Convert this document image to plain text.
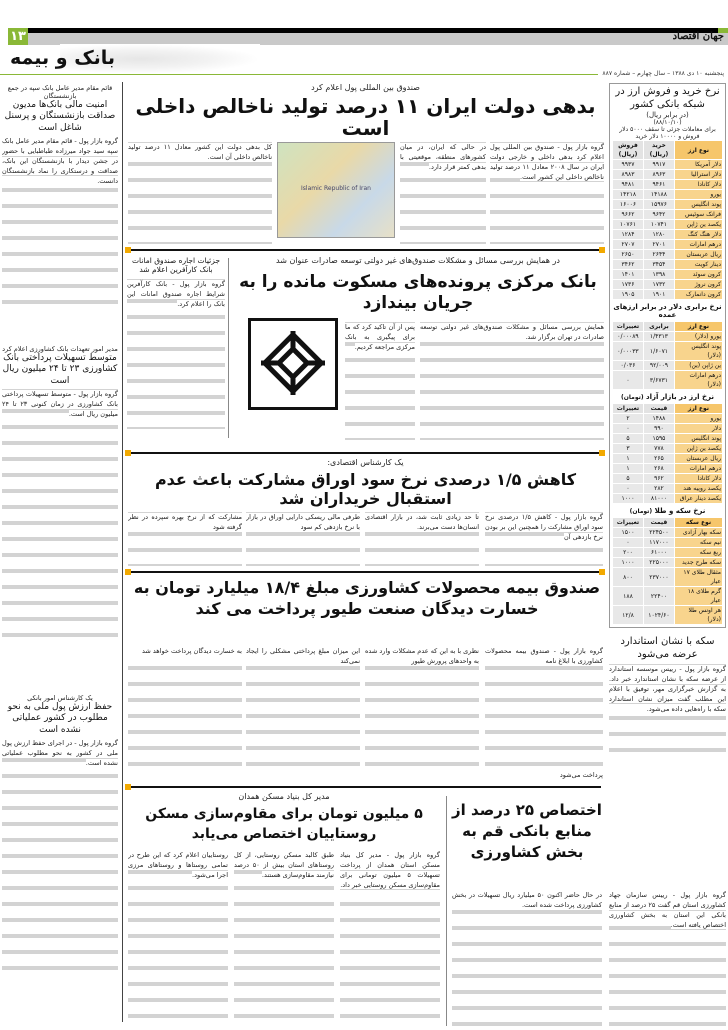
۱۳	جهان اقتصاد
بانک و بیمه
پنجشنبه ۱۰ دی ۱۳۸۸ – سال چهارم – شماره ۸۸۷
قائم مقام مدیر عامل بانک سپه در جمع بازنشستگان
امنیت مالی بانک‌ها مدیون صداقت بازنشستگان و پرسنل شاغل است
گروه بازار پول - قائم مقام مدیر عامل بانک سپه سید جواد میرزاده طباطبایی با حضور در جشن دیدار با بازنشستگان این بانک، صداقت و درستکاری را نماد بازنشستگان دانست.
مدیر امور تعهدات بانک کشاورزی اعلام کرد
متوسط تسهیلات پرداختی بانک کشاورزی ۲۳ تا ۲۴ میلیون ریال است
گروه بازار پول - متوسط تسهیلات پرداختی بانک کشاورزی در زمان کنونی ۲۳ تا ۲۴ میلیون ریال است.
یک کارشناس امور بانکی
حفظ ارزش پول ملی به نحو مطلوب در کشور عملیاتی نشده است
گروه بازار پول - در اجرای حفظ ارزش پول ملی در کشور به نحو مطلوب عملیاتی نشده است.
صندوق بین المللی پول اعلام کرد
بدهی دولت ایران ۱۱ درصد تولید ناخالص داخلی است
گروه بازار پول - صندوق بین المللی پول اعلام کرد بدهی داخلی و خارجی دولت ایران در سال ۲۰۰۸ معادل ۱۱ درصد تولید ناخالص داخلی این کشور است.
در حالی که ایران، در میان کشورهای منطقه، موقعیتی با بدهی کمتر قرار دارد.
Islamic Republic of Iran
کل بدهی دولت این کشور معادل ۱۱ درصد تولید ناخالص داخلی آن است.
در همایش بررسی مسائل و مشکلات صندوق‌های غیر دولتی توسعه صادرات عنوان شد
بانک مرکزی پرونده‌های مسکوت مانده را به جریان بیندازد
جزئیات اجاره صندوق امانات بانک کارآفرین اعلام شد
گروه بازار پول - بانک کارآفرین شرایط اجاره صندوق امانات این بانک را اعلام کرد.
همایش بررسی مسائل و مشکلات صندوق‌های غیر دولتی توسعه صادرات در تهران برگزار شد.
پس از آن تاکید کرد که ما برای پیگیری به بانک مرکزی مراجعه کردیم.
یک کارشناس اقتصادی:
کاهش ۱/۵ درصدی نرخ سود اوراق مشارکت باعث عدم استقبال خریداران شد
گروه بازار پول - کاهش ۱/۵ درصدی نرخ سود اوراق مشارکت را همچنین این بر بودن نرخ بازدهی آن
تا حد زیادی ثابت شد، در بازار اقتصادی انسان‌ها دست می‌برند.
طرفی مالی ریسکی دارایی اوراق در بازار با نرخ بازدهی کم سود
مشارکت که از نرخ بهره سپرده در نظر گرفته شود
صندوق بیمه محصولات کشاورزی مبلغ ۱۸/۴ میلیارد تومان به خسارت دیدگان صنعت طیور پرداخت می کند
گروه بازار پول - صندوق بیمه محصولات کشاورزی با ابلاغ نامه
نظری با به این که عدم مشکلات وارد شده به واحدهای پرورش طیور
این میزان مبلغ پرداختی مشکلی را ایجاد نمی‌کند
به خسارت دیدگان پرداخت خواهد شد
پرداخت می‌شود
مدیر کل بنیاد مسکن همدان
۵ میلیون تومان برای مقاوم‌سازی مسکن روستاییان اختصاص می‌یابد
گروه بازار پول - مدیر کل بنیاد مسکن استان همدان از پرداخت تسهیلات ۵ میلیون تومانی برای مقاوم‌سازی مسکن روستایی خبر داد.
طبق کالبد مسکن روستایی، از کل روستاهای استان بیش از ۵۰ درصد نیازمند مقاوم‌سازی هستند.
روستاییان اعلام کرد که این طرح در تمامی روستاها و روستاهای مرزی اجرا می‌شود.
اختصاص ۲۵ درصد از منابع بانکی قم به بخش کشاورزی
در حال حاضر اکنون ۵۰ میلیارد ریال تسهیلات در بخش کشاورزی پرداخت شده است.
نرخ خرید و فروش ارز در شبکه بانکی کشور
(در برابر ریال)
(۸۸/۱۰/۱۰)
برای معاملات جزئی تا سقف ۵۰۰۰ دلار فروش و ۱۰۰۰۰ دلار خرید
نوع ارز	خرید (ریال)	فروش (ریال)
دلار آمریکا	۹۹۱۷	۹۹۳۷
دلار استرالیا	۸۹۶۳	۸۹۸۳
دلار کانادا	۹۴۶۱	۹۴۸۱
یورو	۱۴۱۸۸	۱۴۲۱۸
پوند انگلیس	۱۵۹۷۶	۱۶۰۰۶
فرانک سوئیس	۹۶۴۲	۹۶۶۲
یکصد ین ژاپن	۱۰۷۴۱	۱۰۷۶۱
دلار هنگ کنگ	۱۲۸۰	۱۲۸۴
درهم امارات	۲۷۰۱	۲۷۰۷
ریال عربستان	۲۶۴۴	۲۶۵۰
دینار کویت	۳۴۵۴	۳۴۶۲
کرون سوئد	۱۳۹۸	۱۴۰۱
کرون نروژ	۱۷۳۲	۱۷۳۶
کرون دانمارک	۱۹۰۱	۱۹۰۵
نرخ برابری دلار در برابر ارزهای عمده
نوع ارز	برابری	تغییرات
یورو (دلار)	۱/۴۳۱۳	۰/۰۰۰۸۹
پوند انگلیس (دلار)	۱/۶۰۷۱	۰/۰۰۰۳۳
ین ژاپن (ین)	۹۲/۰۰۹	۰/۰۳۶
درهم امارات (دلار)	۳/۶۷۳۱	۰
نرخ ارز در بازار آزاد (تومان)
نوع ارز	قیمت	تغییرات
یورو	۱۴۸۸	۲
دلار	۹۹۰	۰
پوند انگلیس	۱۵۹۵	۵
یکصد ین ژاپن	۷۷۸	۳
ریال عربستان	۲۶۵	۱
درهم امارات	۲۶۸	۱
دلار کانادا	۹۶۲	۵
یکصد روپیه هند	۲۸۲	۰
یکصد دینار عراق	۸۱۰۰۰	۱۰۰۰
نرخ سکه و طلا (تومان)
نوع سکه	قیمت	تغییرات
سکه بهار آزادی	۲۲۴۵۰۰	۱۵۰۰
نیم سکه	۱۱۷۰۰۰	۰
ربع سکه	۶۱۰۰۰	۲۰۰
سکه طرح جدید	۲۲۵۰۰۰	۱۰۰۰
مثقال طلای ۱۷ عیار	۲۳۷۰۰۰	۸۰۰
گرم طلای ۱۸ عیار	۲۲۴۰۰	۱۸۸
هر اونس طلا (دلار)	۱۰۲۴/۶۰	۱۲/۸
سکه با نشان استاندارد عرضه می‌شود
گروه بازار پول - رییس موسسه استاندارد از عرضه سکه با نشان استاندارد خبر داد. به گزارش خبرگزاری مهر، توفیق با اعلام این مطلب گفت میزان نشان استاندارد سکه با راه‌هایی داده می‌شود.
گروه بازار پول - رییس سازمان جهاد کشاورزی استان قم گفت ۲۵ درصد از منابع بانکی این استان به بخش کشاورزی اختصاص یافته است.
